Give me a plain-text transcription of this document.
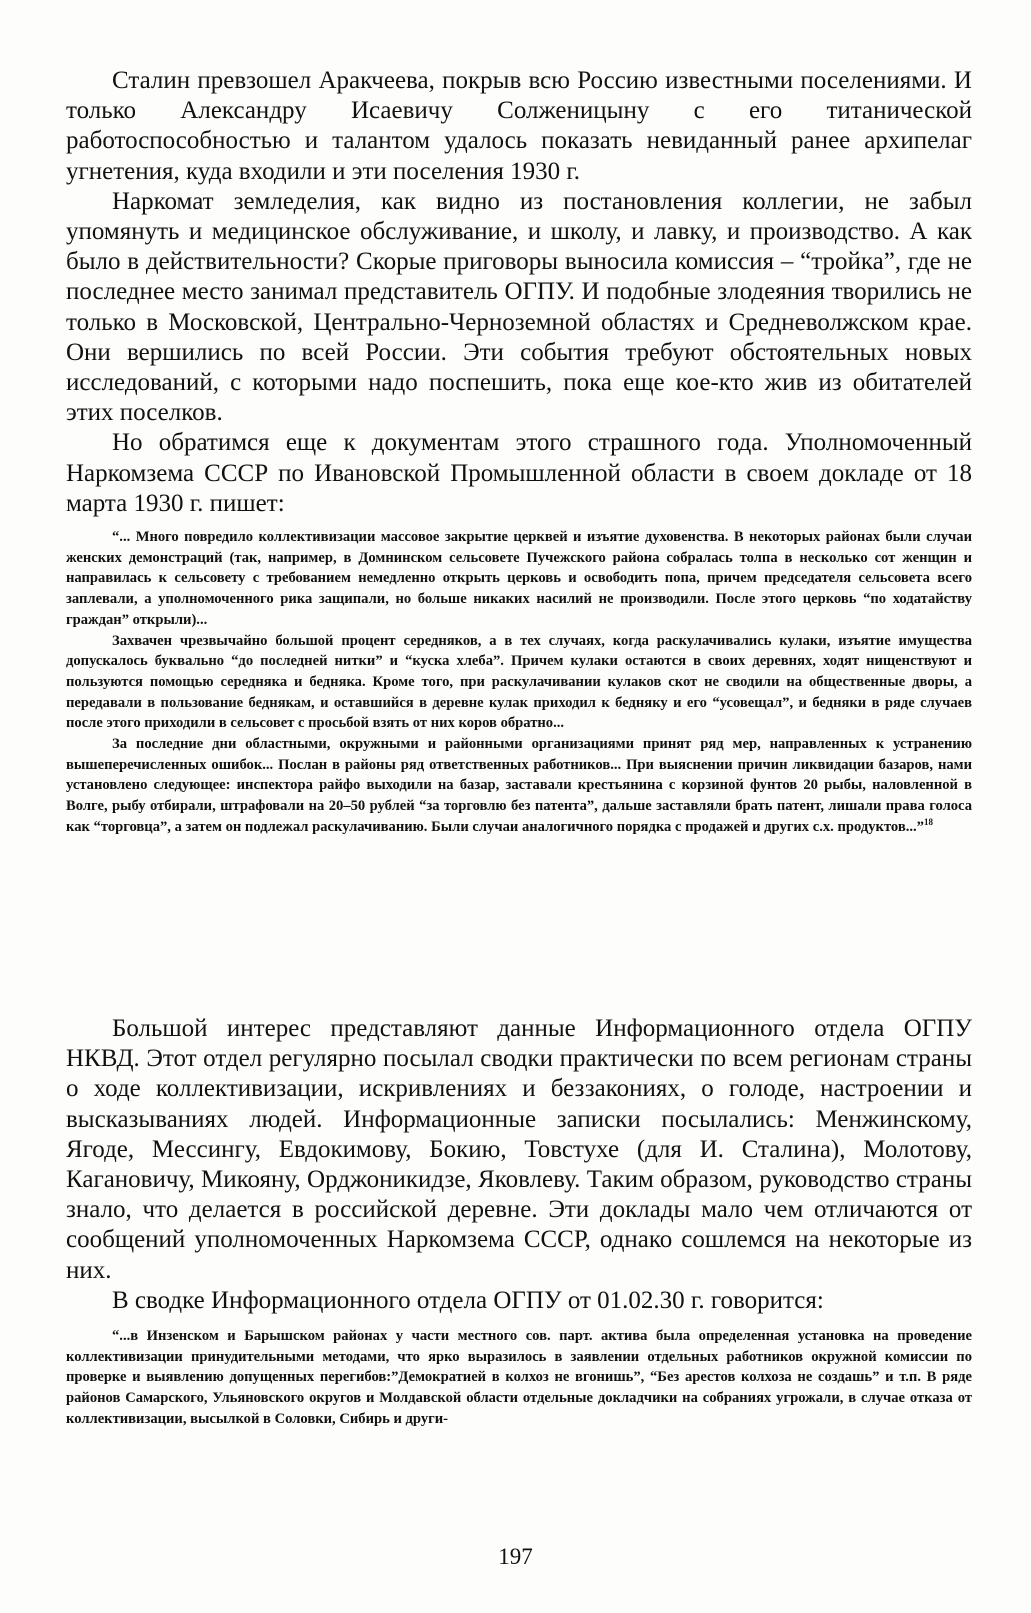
Сталин превзошел Аракчеева, покрыв всю Россию известными поселениями. И только Александру Исаевичу Солженицыну с его титанической работоспособностью и талантом удалось показать невиданный ранее архипелаг угнетения, куда входили и эти поселения 1930 г.

Наркомат земледелия, как видно из постановления коллегии, не забыл упомянуть и медицинское обслуживание, и школу, и лавку, и производство. А как было в действительности? Скорые приговоры выносила комиссия – “тройка”, где не последнее место занимал представитель ОГПУ. И подобные злодеяния творились не только в Московской, Центрально-Черноземной областях и Средневолжском крае. Они вершились по всей России. Эти события требуют обстоятельных новых исследований, с которыми надо поспешить, пока еще кое-кто жив из обитателей этих поселков.

Но обратимся еще к документам этого страшного года. Уполномоченный Наркомзема СССР по Ивановской Промышленной области в своем докладе от 18 марта 1930 г. пишет:

“... Много повредило коллективизации массовое закрытие церквей и изъятие духовенства. В некоторых районах были случаи женских демонстраций (так, например, в Домнинском сельсовете Пучежского района собралась толпа в несколько сот женщин и направилась к сельсовету с требованием немедленно открыть церковь и освободить попа, причем председателя сельсовета всего заплевали, а уполномоченного рика защипали, но больше никаких насилий не производили. После этого церковь “по ходатайству граждан” открыли)...

Захвачен чрезвычайно большой процент середняков, а в тех случаях, когда раскулачивались кулаки, изъятие имущества допускалось буквально “до последней нитки” и “куска хлеба”. Причем кулаки остаются в своих деревнях, ходят нищенствуют и пользуются помощью середняка и бедняка. Кроме того, при раскулачивании кулаков скот не сводили на общественные дворы, а передавали в пользование беднякам, и оставшийся в деревне кулак приходил к бедняку и его “усовещал”, и бедняки в ряде случаев после этого приходили в сельсовет с просьбой взять от них коров обратно...

За последние дни областными, окружными и районными организациями принят ряд мер, направленных к устранению вышеперечисленных ошибок... Послан в районы ряд ответственных работников... При выяснении причин ликвидации базаров, нами установлено следующее: инспектора райфо выходили на базар, заставали крестьянина с корзиной фунтов 20 рыбы, наловленной в Волге, рыбу отбирали, штрафовали на 20–50 рублей “за торговлю без патента”, дальше заставляли брать патент, лишали права голоса как “торговца”, а затем он подлежал раскулачиванию. Были случаи аналогичного порядка с продажей и других с.х. продуктов...”$^{18}$

Большой интерес представляют данные Информационного отдела ОГПУ НКВД. Этот отдел регулярно посылал сводки практически по всем регионам страны о ходе коллективизации, искривлениях и беззакониях, о голоде, настроении и высказываниях людей. Информационные записки посылались: Менжинскому, Ягоде, Мессингу, Евдокимову, Бокию, Товстухе (для И. Сталина), Молотову, Кагановичу, Микояну, Орджоникидзе, Яковлеву. Таким образом, руководство страны знало, что делается в российской деревне. Эти доклады мало чем отличаются от сообщений уполномоченных Наркомзема СССР, однако сошлемся на некоторые из них.

В сводке Информационного отдела ОГПУ от 01.02.30 г. говорится:

“...в Инзенском и Барышском районах у части местного сов. парт. актива была определенная установка на проведение коллективизации принудительными методами, что ярко выразилось в заявлении отдельных работников окружной комиссии по проверке и выявлению допущенных перегибов:”Демократией в колхоз не вгонишь”, “Без арестов колхоза не создашь” и т.п. В ряде районов Самарского, Ульяновского округов и Молдавской области отдельные докладчики на собраниях угрожали, в случае отказа от коллективизации, высылкой в Соловки, Сибирь и други-

197
